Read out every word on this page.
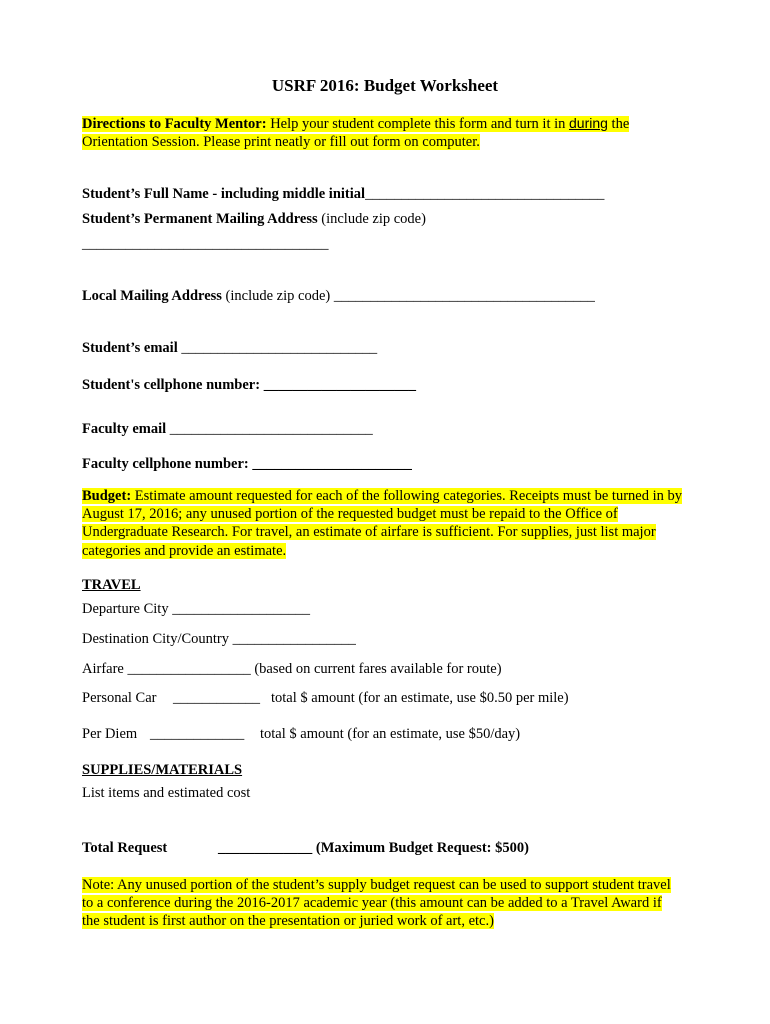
USRF 2016: Budget Worksheet
Directions to Faculty Mentor: Help your student complete this form and turn it in during the Orientation Session. Please print neatly or fill out form on computer.
Student’s Full Name - including middle initial_________________________________
Student’s Permanent Mailing Address (include zip code)
__________________________________
Local Mailing Address (include zip code) ____________________________________
Student’s email ___________________________
Student's cellphone number: _____________________
Faculty email ____________________________
Faculty cellphone number: ______________________
Budget: Estimate amount requested for each of the following categories. Receipts must be turned in by August 17, 2016; any unused portion of the requested budget must be repaid to the Office of Undergraduate Research. For travel, an estimate of airfare is sufficient. For supplies, just list major categories and provide an estimate.
TRAVEL
Departure City ___________________
Destination City/Country _________________
Airfare _________________ (based on current fares available for route)
Personal Car ____________ total $ amount (for an estimate, use $0.50 per mile)
Per Diem _____________ total $ amount (for an estimate, use $50/day)
SUPPLIES/MATERIALS
List items and estimated cost
Total Request	_____________ (Maximum Budget Request: $500)
Note: Any unused portion of the student’s supply budget request can be used to support student travel to a conference during the 2016-2017 academic year (this amount can be added to a Travel Award if the student is first author on the presentation or juried work of art, etc.)
